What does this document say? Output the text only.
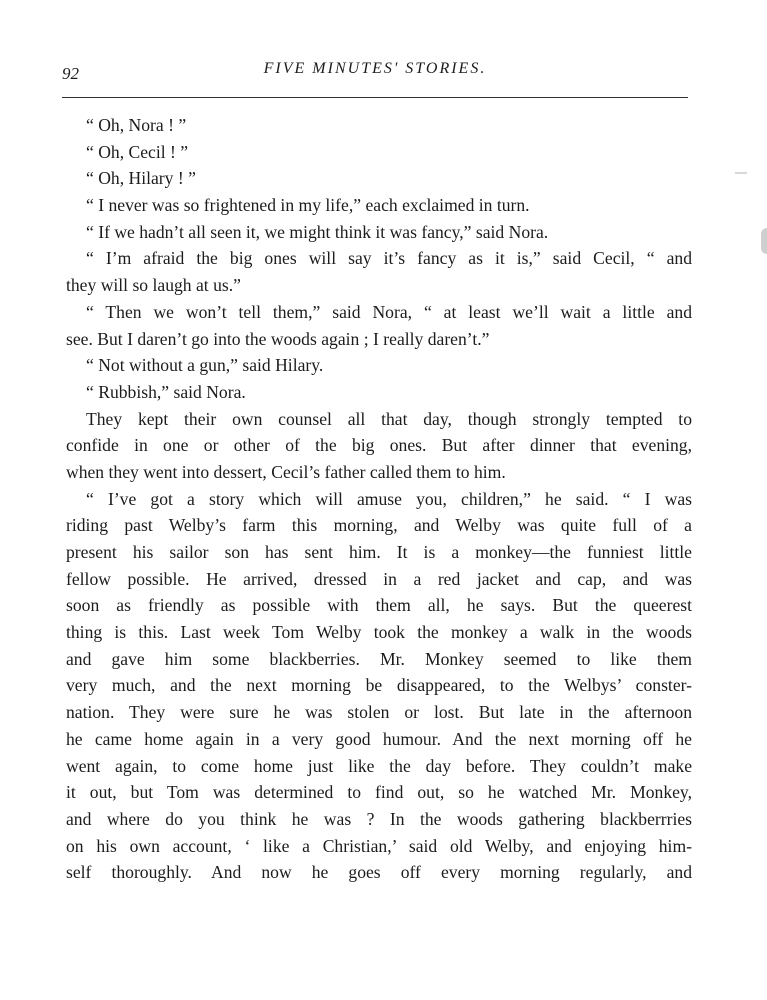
92	FIVE MINUTES' STORIES.
“ Oh, Nora ! ”
“ Oh, Cecil ! ”
“ Oh, Hilary ! ”
“ I never was so frightened in my life,” each exclaimed in turn.
“ If we hadn’t all seen it, we might think it was fancy,” said Nora.
“ I’m afraid the big ones will say it’s fancy as it is,” said Cecil, “ and
they will so laugh at us.”
“ Then we won’t tell them,” said Nora, “ at least we’ll wait a little and
see. But I daren’t go into the woods again ; I really daren’t.”
“ Not without a gun,” said Hilary.
“ Rubbish,” said Nora.
They kept their own counsel all that day, though strongly tempted to
confide in one or other of the big ones. But after dinner that evening,
when they went into dessert, Cecil’s father called them to him.
“ I’ve got a story which will amuse you, children,” he said. “ I was
riding past Welby’s farm this morning, and Welby was quite full of a
present his sailor son has sent him. It is a monkey—the funniest little
fellow possible. He arrived, dressed in a red jacket and cap, and was
soon as friendly as possible with them all, he says. But the queerest
thing is this. Last week Tom Welby took the monkey a walk in the woods
and gave him some blackberries. Mr. Monkey seemed to like them
very much, and the next morning be disappeared, to the Welbys’ conster-
nation. They were sure he was stolen or lost. But late in the afternoon
he came home again in a very good humour. And the next morning off he
went again, to come home just like the day before. They couldn’t make
it out, but Tom was determined to find out, so he watched Mr. Monkey,
and where do you think he was ? In the woods gathering blackberrries
on his own account, ‘ like a Christian,’ said old Welby, and enjoying him-
self thoroughly. And now he goes off every morning regularly, and
